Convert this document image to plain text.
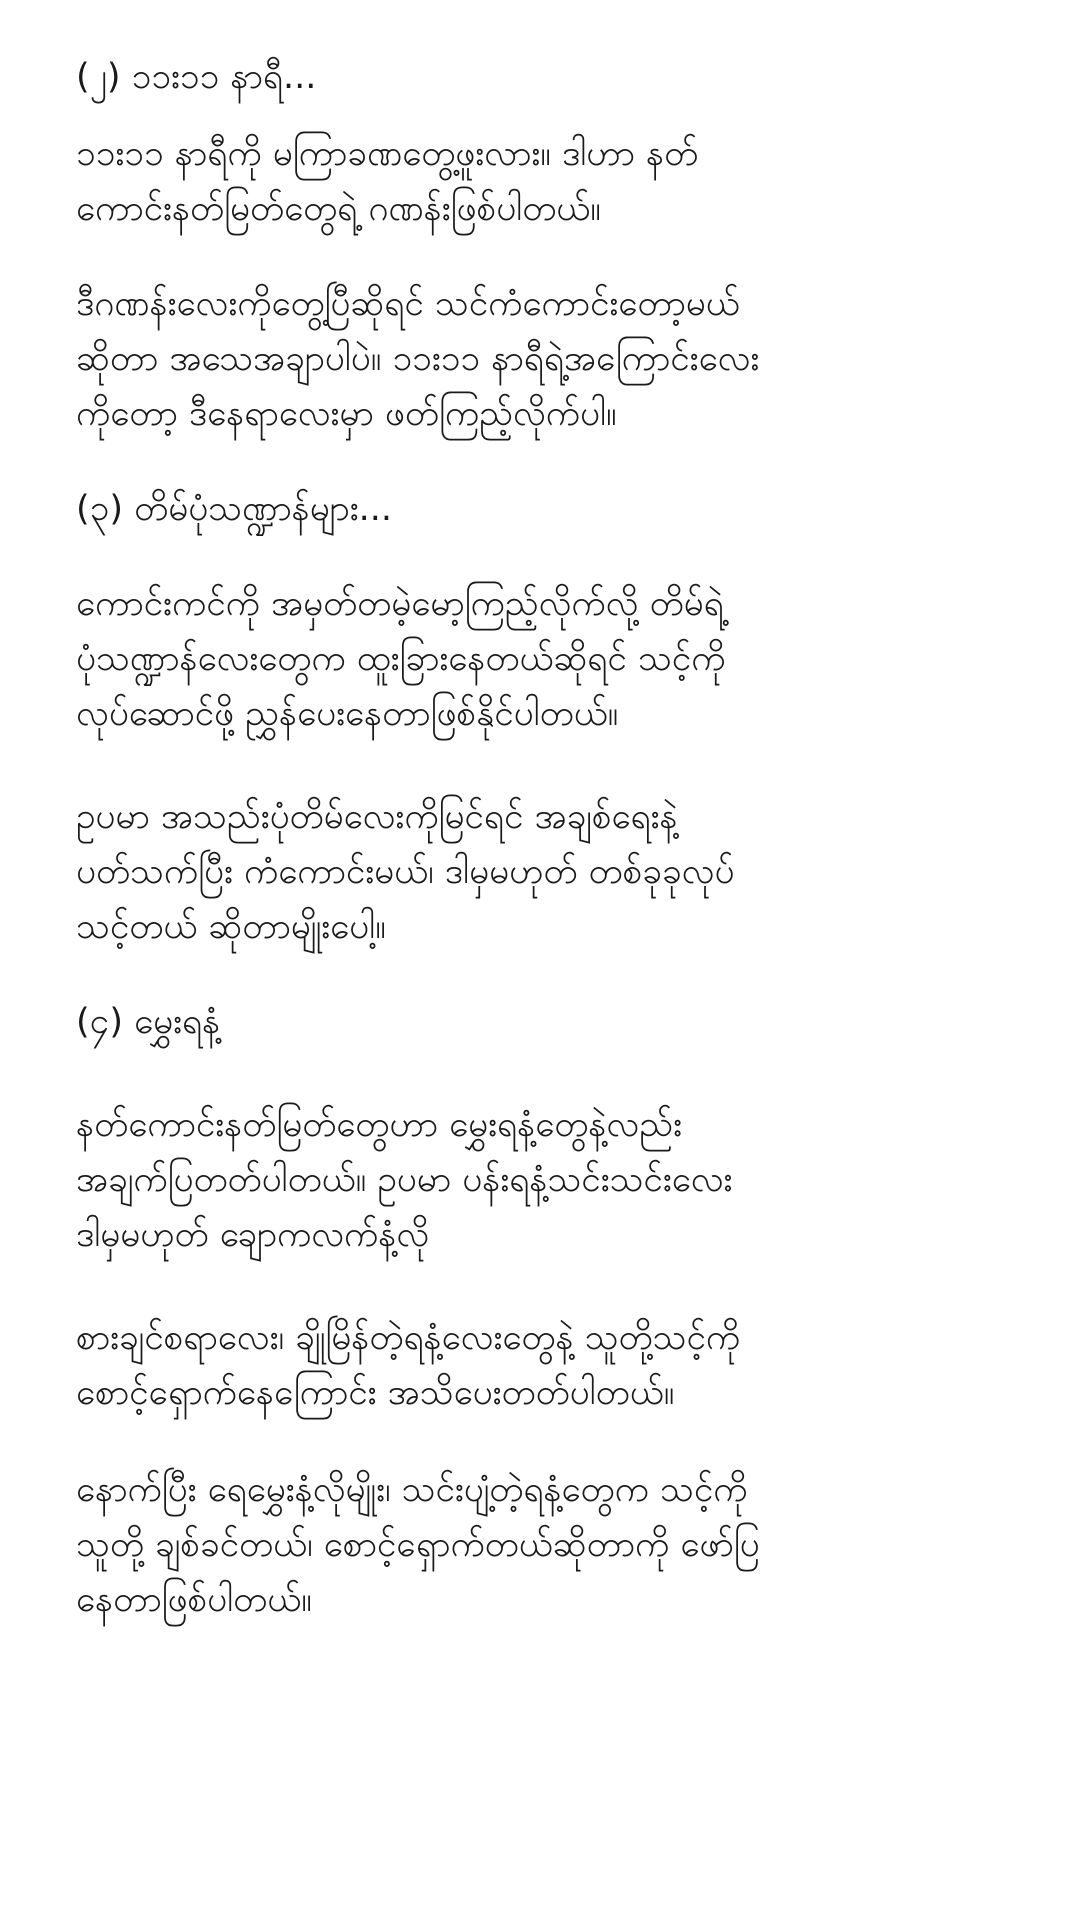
(၂) ၁၁း၁၁ နာရီ...
၁၁း၁၁ နာရီကို မကြာခဏတွေ့ဖူးလား။ ဒါဟာ နတ်
ကောင်းနတ်မြတ်တွေရဲ့ ဂဏန်းဖြစ်ပါတယ်။
ဒီဂဏန်းလေးကိုတွေ့ပြီဆိုရင် သင်ကံကောင်းတော့မယ်
ဆိုတာ အသေအချာပါပဲ။ ၁၁း၁၁ နာရီရဲ့အကြောင်းလေး
ကိုတော့ ဒီနေရာလေးမှာ ဖတ်ကြည့်လိုက်ပါ။
(၃) တိမ်ပုံသဏ္ဍာန်များ...
ကောင်းကင်ကို အမှတ်တမဲ့မော့ကြည့်လိုက်လို့ တိမ်ရဲ့
ပုံသဏ္ဍာန်လေးတွေက ထူးခြားနေတယ်ဆိုရင် သင့်ကို
လုပ်ဆောင်ဖို့ ညွှန်ပေးနေတာဖြစ်နိုင်ပါတယ်။
ဥပမာ အသည်းပုံတိမ်လေးကိုမြင်ရင် အချစ်ရေးနဲ့
ပတ်သက်ပြီး ကံကောင်းမယ်၊ ဒါမှမဟုတ် တစ်ခုခုလုပ်
သင့်တယ် ဆိုတာမျိုးပေါ့။
(၄) မွှေးရနံ့
နတ်ကောင်းနတ်မြတ်တွေဟာ မွှေးရနံ့တွေနဲ့လည်း
အချက်ပြတတ်ပါတယ်။ ဥပမာ ပန်းရနံ့သင်းသင်းလေး
ဒါမှမဟုတ် ချောကလက်နံ့လို
စားချင်စရာလေး၊ ချိုမြိန်တဲ့ရနံ့လေးတွေနဲ့ သူတို့သင့်ကို
စောင့်ရှောက်နေကြောင်း အသိပေးတတ်ပါတယ်။
နောက်ပြီး ရေမွှေးနံ့လိုမျိုး၊ သင်းပျံ့တဲ့ရနံ့တွေက သင့်ကို
သူတို့ ချစ်ခင်တယ်၊ စောင့်ရှောက်တယ်ဆိုတာကို ဖော်ပြ
နေတာဖြစ်ပါတယ်။
